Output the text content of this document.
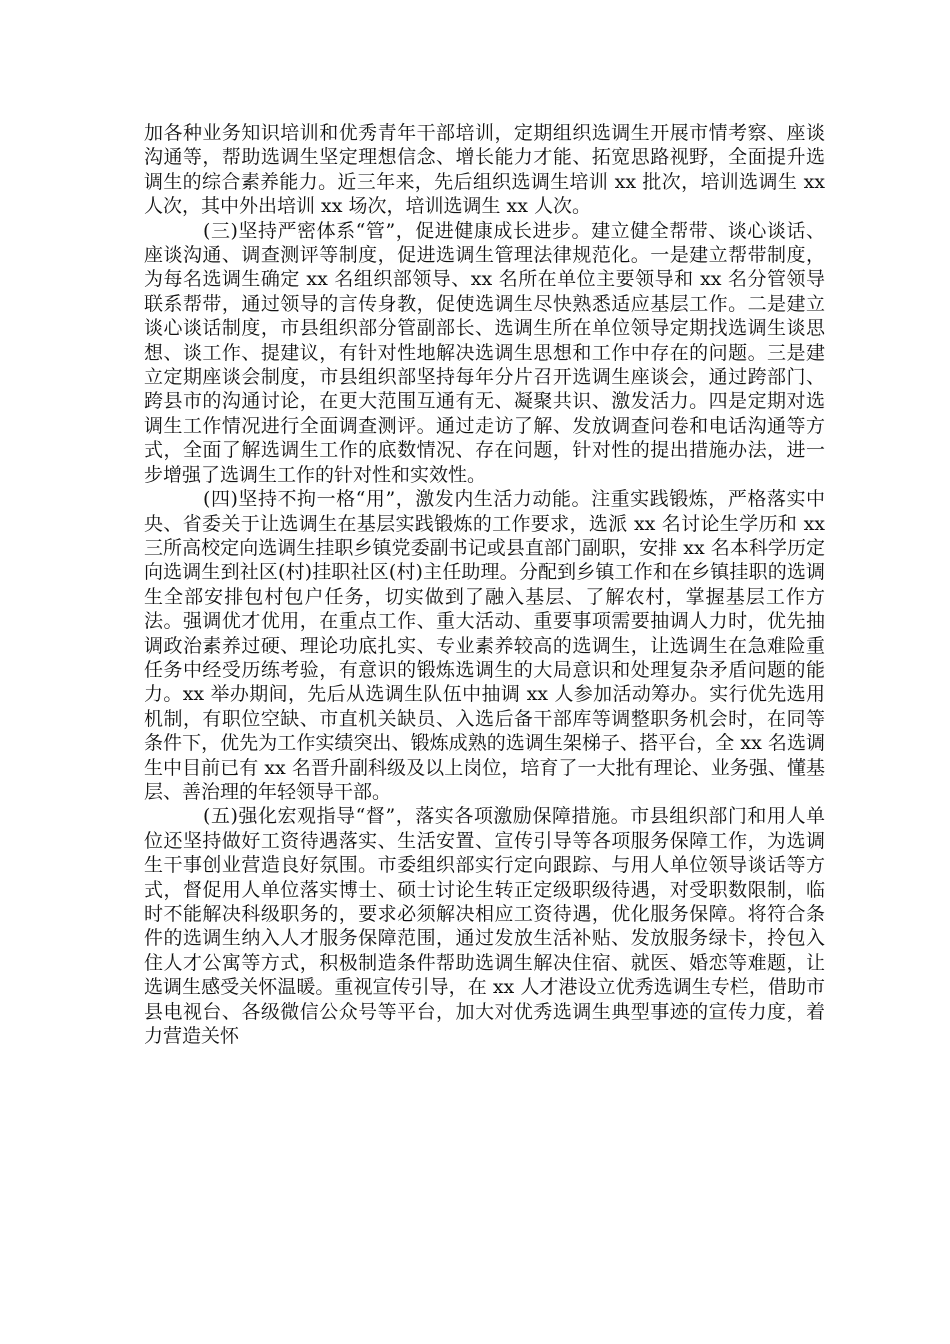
加各种业务知识培训和优秀青年干部培训，定期组织选调生开展市情考察、座谈沟通等，帮助选调生坚定理想信念、增长能力才能、拓宽思路视野，全面提升选调生的综合素养能力。近三年来，先后组织选调生培训 xx 批次，培训选调生 xx 人次，其中外出培训 xx 场次，培训选调生 xx 人次。

(三)坚持严密体系“管”，促进健康成长进步。建立健全帮带、谈心谈话、座谈沟通、调查测评等制度，促进选调生管理法律规范化。一是建立帮带制度，为每名选调生确定 xx 名组织部领导、xx 名所在单位主要领导和 xx 名分管领导联系帮带，通过领导的言传身教，促使选调生尽快熟悉适应基层工作。二是建立谈心谈话制度，市县组织部分管副部长、选调生所在单位领导定期找选调生谈思想、谈工作、提建议，有针对性地解决选调生思想和工作中存在的问题。三是建立定期座谈会制度，市县组织部坚持每年分片召开选调生座谈会，通过跨部门、跨县市的沟通讨论，在更大范围互通有无、凝聚共识、激发活力。四是定期对选调生工作情况进行全面调查测评。通过走访了解、发放调查问卷和电话沟通等方式，全面了解选调生工作的底数情况、存在问题，针对性的提出措施办法，进一步增强了选调生工作的针对性和实效性。

(四)坚持不拘一格“用”，激发内生活力动能。注重实践锻炼，严格落实中央、省委关于让选调生在基层实践锻炼的工作要求，选派 xx 名讨论生学历和 xx 三所高校定向选调生挂职乡镇党委副书记或县直部门副职，安排 xx 名本科学历定向选调生到社区(村)挂职社区(村)主任助理。分配到乡镇工作和在乡镇挂职的选调生全部安排包村包户任务，切实做到了融入基层、了解农村，掌握基层工作方法。强调优才优用，在重点工作、重大活动、重要事项需要抽调人力时，优先抽调政治素养过硬、理论功底扎实、专业素养较高的选调生，让选调生在急难险重任务中经受历练考验，有意识的锻炼选调生的大局意识和处理复杂矛盾问题的能力。xx 举办期间，先后从选调生队伍中抽调 xx 人参加活动筹办。实行优先选用机制，有职位空缺、市直机关缺员、入选后备干部库等调整职务机会时，在同等条件下，优先为工作实绩突出、锻炼成熟的选调生架梯子、搭平台，全 xx 名选调生中目前已有 xx 名晋升副科级及以上岗位，培育了一大批有理论、业务强、懂基层、善治理的年轻领导干部。

(五)强化宏观指导“督”，落实各项激励保障措施。市县组织部门和用人单位还坚持做好工资待遇落实、生活安置、宣传引导等各项服务保障工作，为选调生干事创业营造良好氛围。市委组织部实行定向跟踪、与用人单位领导谈话等方式，督促用人单位落实博士、硕士讨论生转正定级职级待遇，对受职数限制，临时不能解决科级职务的，要求必须解决相应工资待遇，优化服务保障。将符合条件的选调生纳入人才服务保障范围，通过发放生活补贴、发放服务绿卡，拎包入住人才公寓等方式，积极制造条件帮助选调生解决住宿、就医、婚恋等难题，让选调生感受关怀温暖。重视宣传引导，在 xx 人才港设立优秀选调生专栏，借助市县电视台、各级微信公众号等平台，加大对优秀选调生典型事迹的宣传力度，着力营造关怀
